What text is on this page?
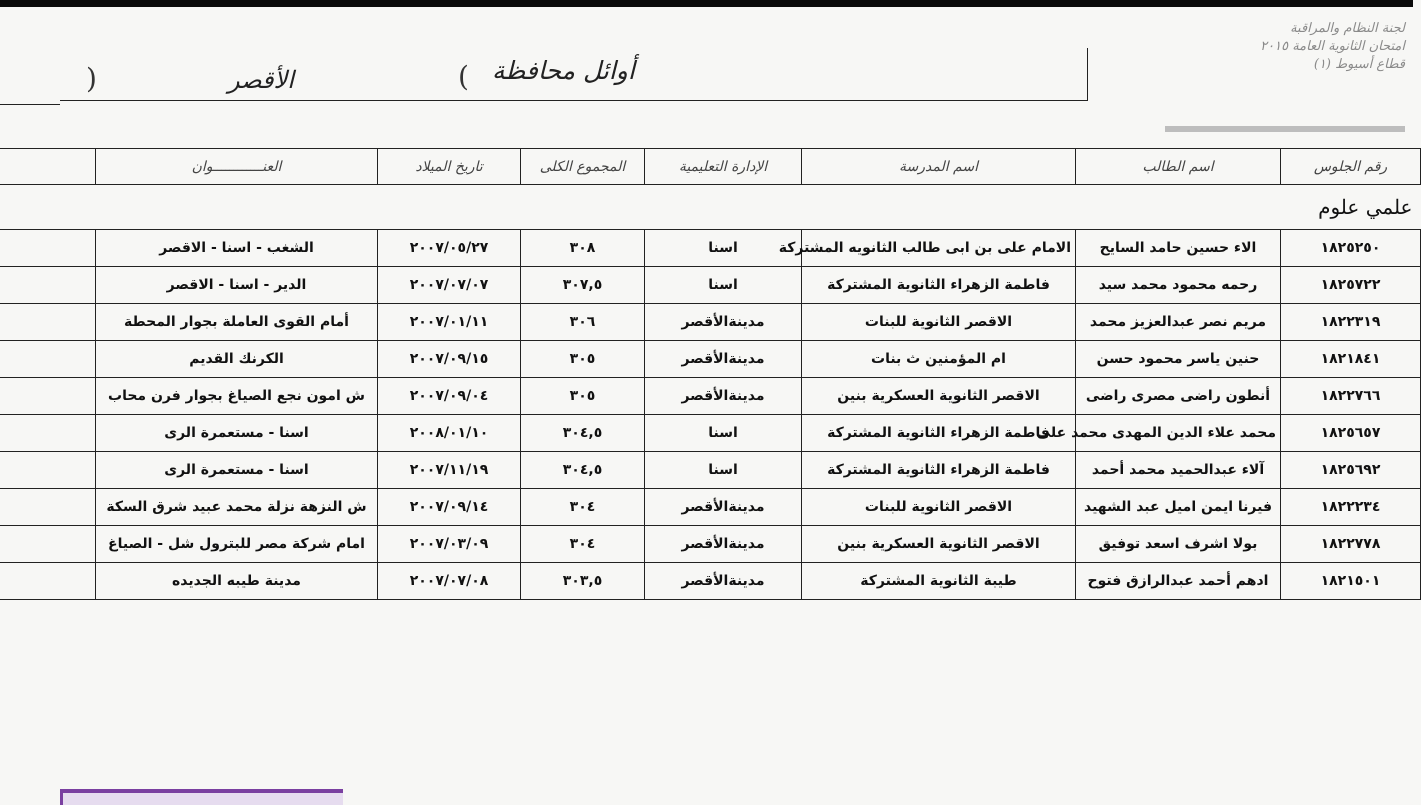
لجنة النظام والمراقبة
امتحان الثانوية العامة ٢٠١٥
قطاع أسيوط (١)
أوائل محافظة
(
الأقصر
)
رقم الجلوس	اسم الطالب	اسم المدرسة	الإدارة التعليمية	المجموع الكلى	تاريخ الميلاد	العنــــــــــــوان	
علمي علوم							
١٨٢٥٢٥٠	الاء حسين حامد السايح	الامام على بن ابى طالب الثانويه المشتركة	اسنا	٣٠٨	٢٠٠٧/٠٥/٢٧	الشغب - اسنا - الاقصر	
١٨٢٥٧٢٢	رحمه محمود محمد سيد	فاطمة الزهراء الثانوية المشتركة	اسنا	٣٠٧,٥	٢٠٠٧/٠٧/٠٧	الدير - اسنا - الاقصر	
١٨٢٢٣١٩	مريم نصر عبدالعزيز محمد	الاقصر الثانوية للبنات	مدينةالأقصر	٣٠٦	٢٠٠٧/٠١/١١	أمام القوى العاملة بجوار المحطة	
١٨٢١٨٤١	حنين ياسر محمود حسن	ام المؤمنين ث بنات	مدينةالأقصر	٣٠٥	٢٠٠٧/٠٩/١٥	الكرنك القديم	
١٨٢٢٧٦٦	أنطون راضى مصرى راضى	الاقصر الثانوية العسكرية بنين	مدينةالأقصر	٣٠٥	٢٠٠٧/٠٩/٠٤	ش امون نجع الصياغ بجوار فرن محاب	
١٨٢٥٦٥٧	محمد علاء الدين المهدى محمد على	فاطمة الزهراء الثانوية المشتركة	اسنا	٣٠٤,٥	٢٠٠٨/٠١/١٠	اسنا - مستعمرة الرى	
١٨٢٥٦٩٢	آلاء عبدالحميد محمد أحمد	فاطمة الزهراء الثانوية المشتركة	اسنا	٣٠٤,٥	٢٠٠٧/١١/١٩	اسنا - مستعمرة الرى	
١٨٢٢٢٣٤	فيرنا ايمن اميل عبد الشهيد	الاقصر الثانوية للبنات	مدينةالأقصر	٣٠٤	٢٠٠٧/٠٩/١٤	ش النزهة نزلة محمد عبيد شرق السكة	
١٨٢٢٧٧٨	بولا اشرف اسعد توفيق	الاقصر الثانوية العسكرية بنين	مدينةالأقصر	٣٠٤	٢٠٠٧/٠٣/٠٩	امام شركة مصر للبترول شل - الصياغ	
١٨٢١٥٠١	ادهم أحمد عبدالرازق فتوح	طيبة الثانوية المشتركة	مدينةالأقصر	٣٠٣,٥	٢٠٠٧/٠٧/٠٨	مدينة طيبه الجديده	
